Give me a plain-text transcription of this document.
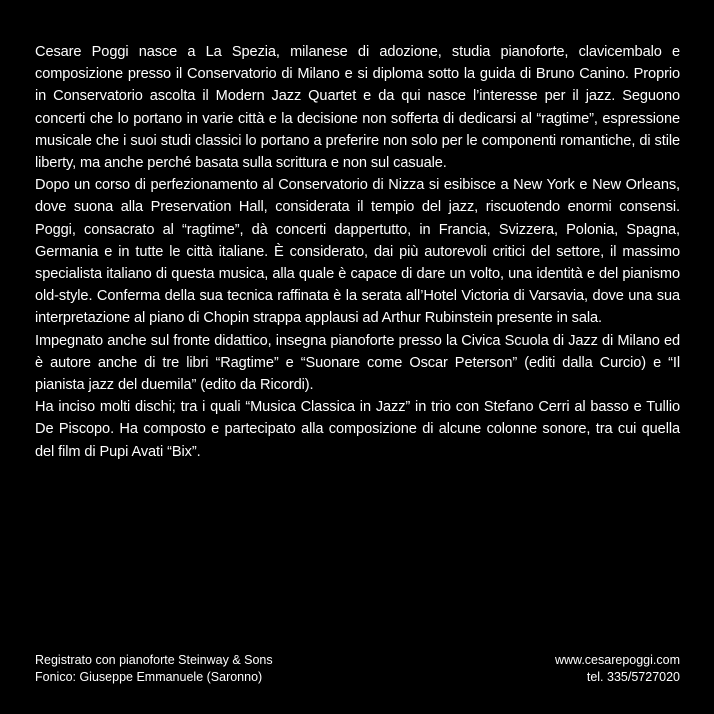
Cesare Poggi nasce a La Spezia, milanese di adozione, studia pianoforte, clavicembalo e composizione presso il Conservatorio di Milano e si diploma sotto la guida di Bruno Canino. Proprio in Conservatorio ascolta il Modern Jazz Quartet e da qui nasce l’interesse per il jazz. Seguono concerti che lo portano in varie città e la decisione non sofferta di dedicarsi al “ragtime”, espressione musicale che i suoi studi classici lo portano a preferire non solo per le componenti romantiche, di stile liberty, ma anche perché basata sulla scrittura e non sul casuale.

Dopo un corso di perfezionamento al Conservatorio di Nizza si esibisce a New York e New Orleans, dove suona alla Preservation Hall, considerata il tempio del jazz, riscuotendo enormi consensi. Poggi, consacrato al “ragtime”, dà concerti dappertutto, in Francia, Svizzera, Polonia, Spagna, Germania e in tutte le città italiane. È considerato, dai più autorevoli critici del settore, il massimo specialista italiano di questa musica, alla quale è capace di dare un volto, una identità e del pianismo old-style. Conferma della sua tecnica raffinata è la serata all’Hotel Victoria di Varsavia, dove una sua interpretazione al piano di Chopin strappa applausi ad Arthur Rubinstein presente in sala.

Impegnato anche sul fronte didattico, insegna pianoforte presso la Civica Scuola di Jazz di Milano ed è autore anche di tre libri “Ragtime” e “Suonare come Oscar Peterson” (editi dalla Curcio) e “Il pianista jazz del duemila” (edito da Ricordi).

Ha inciso molti dischi; tra i quali “Musica Classica in Jazz” in trio con Stefano Cerri al basso e Tullio De Piscopo. Ha composto e partecipato alla composizione di alcune colonne sonore, tra cui quella del film di Pupi Avati “Bix”.

Registrato con pianoforte Steinway & Sons
Fonico: Giuseppe Emmanuele (Saronno)
www.cesarepoggi.com
tel. 335/5727020
